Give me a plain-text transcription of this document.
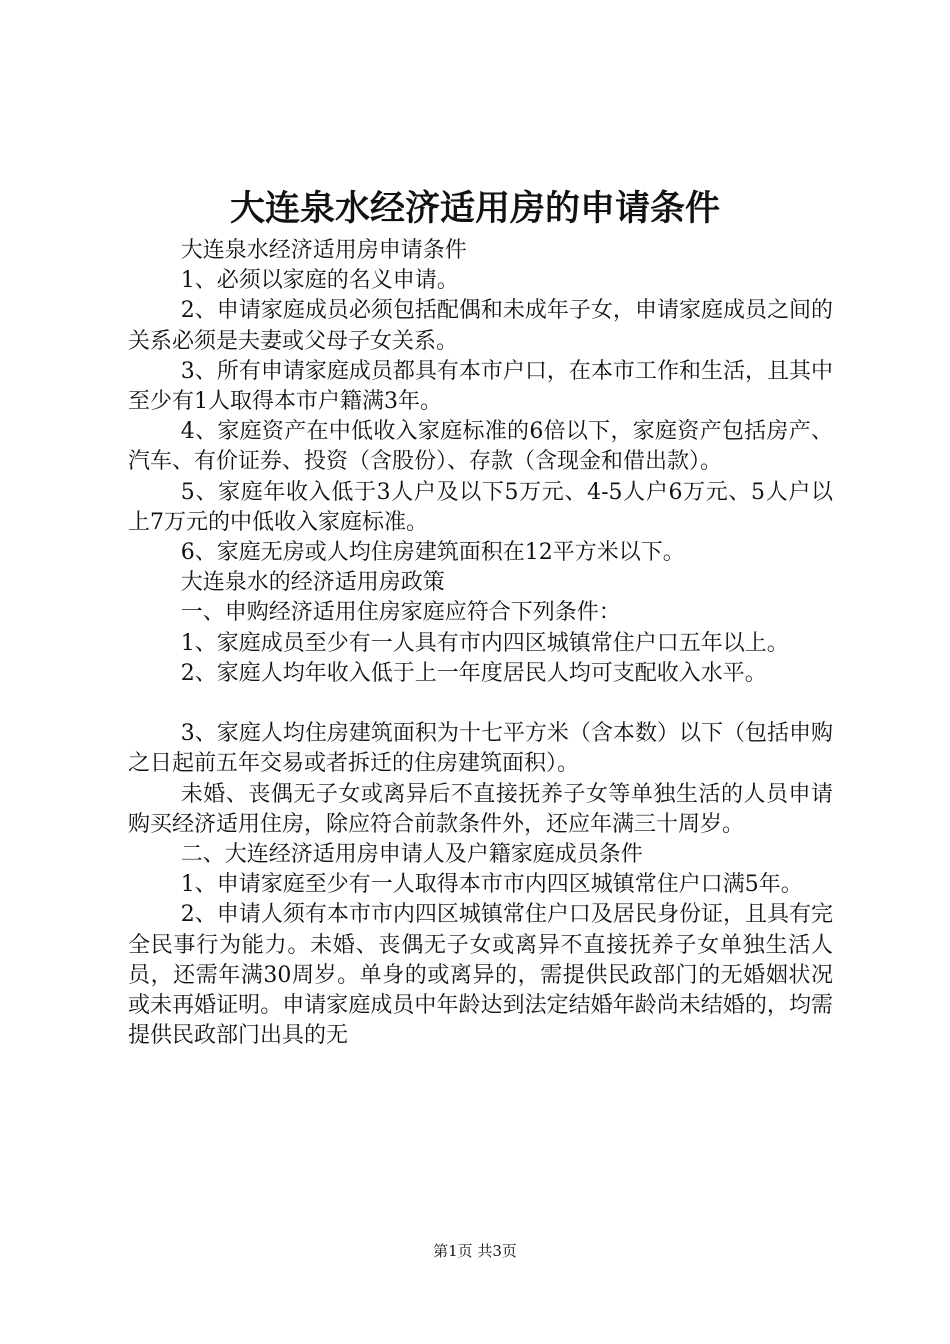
大连泉水经济适用房的申请条件

大连泉水经济适用房申请条件

1、必须以家庭的名义申请。

2、申请家庭成员必须包括配偶和未成年子女，申请家庭成员之间的关系必须是夫妻或父母子女关系。

3、所有申请家庭成员都具有本市户口，在本市工作和生活，且其中至少有1人取得本市户籍满3年。

4、家庭资产在中低收入家庭标准的6倍以下，家庭资产包括房产、汽车、有价证券、投资（含股份）、存款（含现金和借出款）。

5、家庭年收入低于3人户及以下5万元、4-5人户6万元、5人户以上7万元的中低收入家庭标准。

6、家庭无房或人均住房建筑面积在12平方米以下。

大连泉水的经济适用房政策

一、申购经济适用住房家庭应符合下列条件：

1、家庭成员至少有一人具有市内四区城镇常住户口五年以上。

2、家庭人均年收入低于上一年度居民人均可支配收入水平。

3、家庭人均住房建筑面积为十七平方米（含本数）以下（包括申购之日起前五年交易或者拆迁的住房建筑面积）。

未婚、丧偶无子女或离异后不直接抚养子女等单独生活的人员申请购买经济适用住房，除应符合前款条件外，还应年满三十周岁。

二、大连经济适用房申请人及户籍家庭成员条件

1、申请家庭至少有一人取得本市市内四区城镇常住户口满5年。

2、申请人须有本市市内四区城镇常住户口及居民身份证，且具有完全民事行为能力。未婚、丧偶无子女或离异不直接抚养子女单独生活人员，还需年满30周岁。单身的或离异的，需提供民政部门的无婚姻状况或未再婚证明。申请家庭成员中年龄达到法定结婚年龄尚未结婚的，均需提供民政部门出具的无

第1页 共3页
